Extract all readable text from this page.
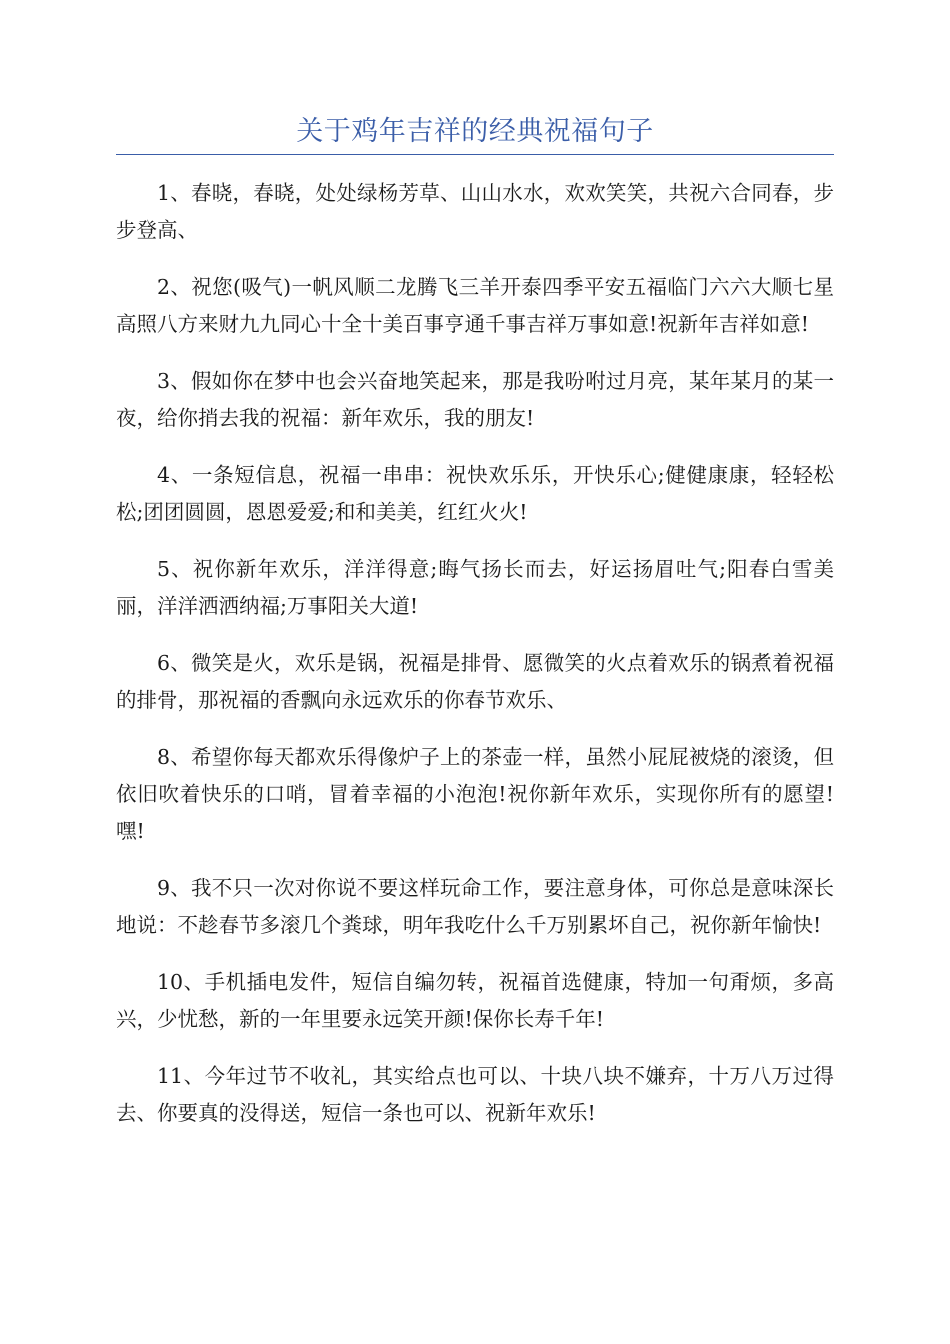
关于鸡年吉祥的经典祝福句子

1、春晓，春晓，处处绿杨芳草、山山水水，欢欢笑笑，共祝六合同春，步步登高、

2、祝您(吸气)一帆风顺二龙腾飞三羊开泰四季平安五福临门六六大顺七星高照八方来财九九同心十全十美百事亨通千事吉祥万事如意!祝新年吉祥如意!

3、假如你在梦中也会兴奋地笑起来，那是我吩咐过月亮，某年某月的某一夜，给你捎去我的祝福：新年欢乐，我的朋友!

4、一条短信息，祝福一串串：祝快欢乐乐，开快乐心;健健康康，轻轻松松;团团圆圆，恩恩爱爱;和和美美，红红火火!

5、祝你新年欢乐，洋洋得意;晦气扬长而去，好运扬眉吐气;阳春白雪美丽，洋洋洒洒纳福;万事阳关大道!

6、微笑是火，欢乐是锅，祝福是排骨、愿微笑的火点着欢乐的锅煮着祝福的排骨，那祝福的香飘向永远欢乐的你春节欢乐、

8、希望你每天都欢乐得像炉子上的茶壶一样，虽然小屁屁被烧的滚烫，但依旧吹着快乐的口哨，冒着幸福的小泡泡!祝你新年欢乐，实现你所有的愿望!嘿!

9、我不只一次对你说不要这样玩命工作，要注意身体，可你总是意味深长地说：不趁春节多滚几个粪球，明年我吃什么千万别累坏自己，祝你新年愉快!

10、手机插电发件，短信自编勿转，祝福首选健康，特加一句甭烦，多高兴，少忧愁，新的一年里要永远笑开颜!保你长寿千年!

11、今年过节不收礼，其实给点也可以、十块八块不嫌弃，十万八万过得去、你要真的没得送，短信一条也可以、祝新年欢乐!
